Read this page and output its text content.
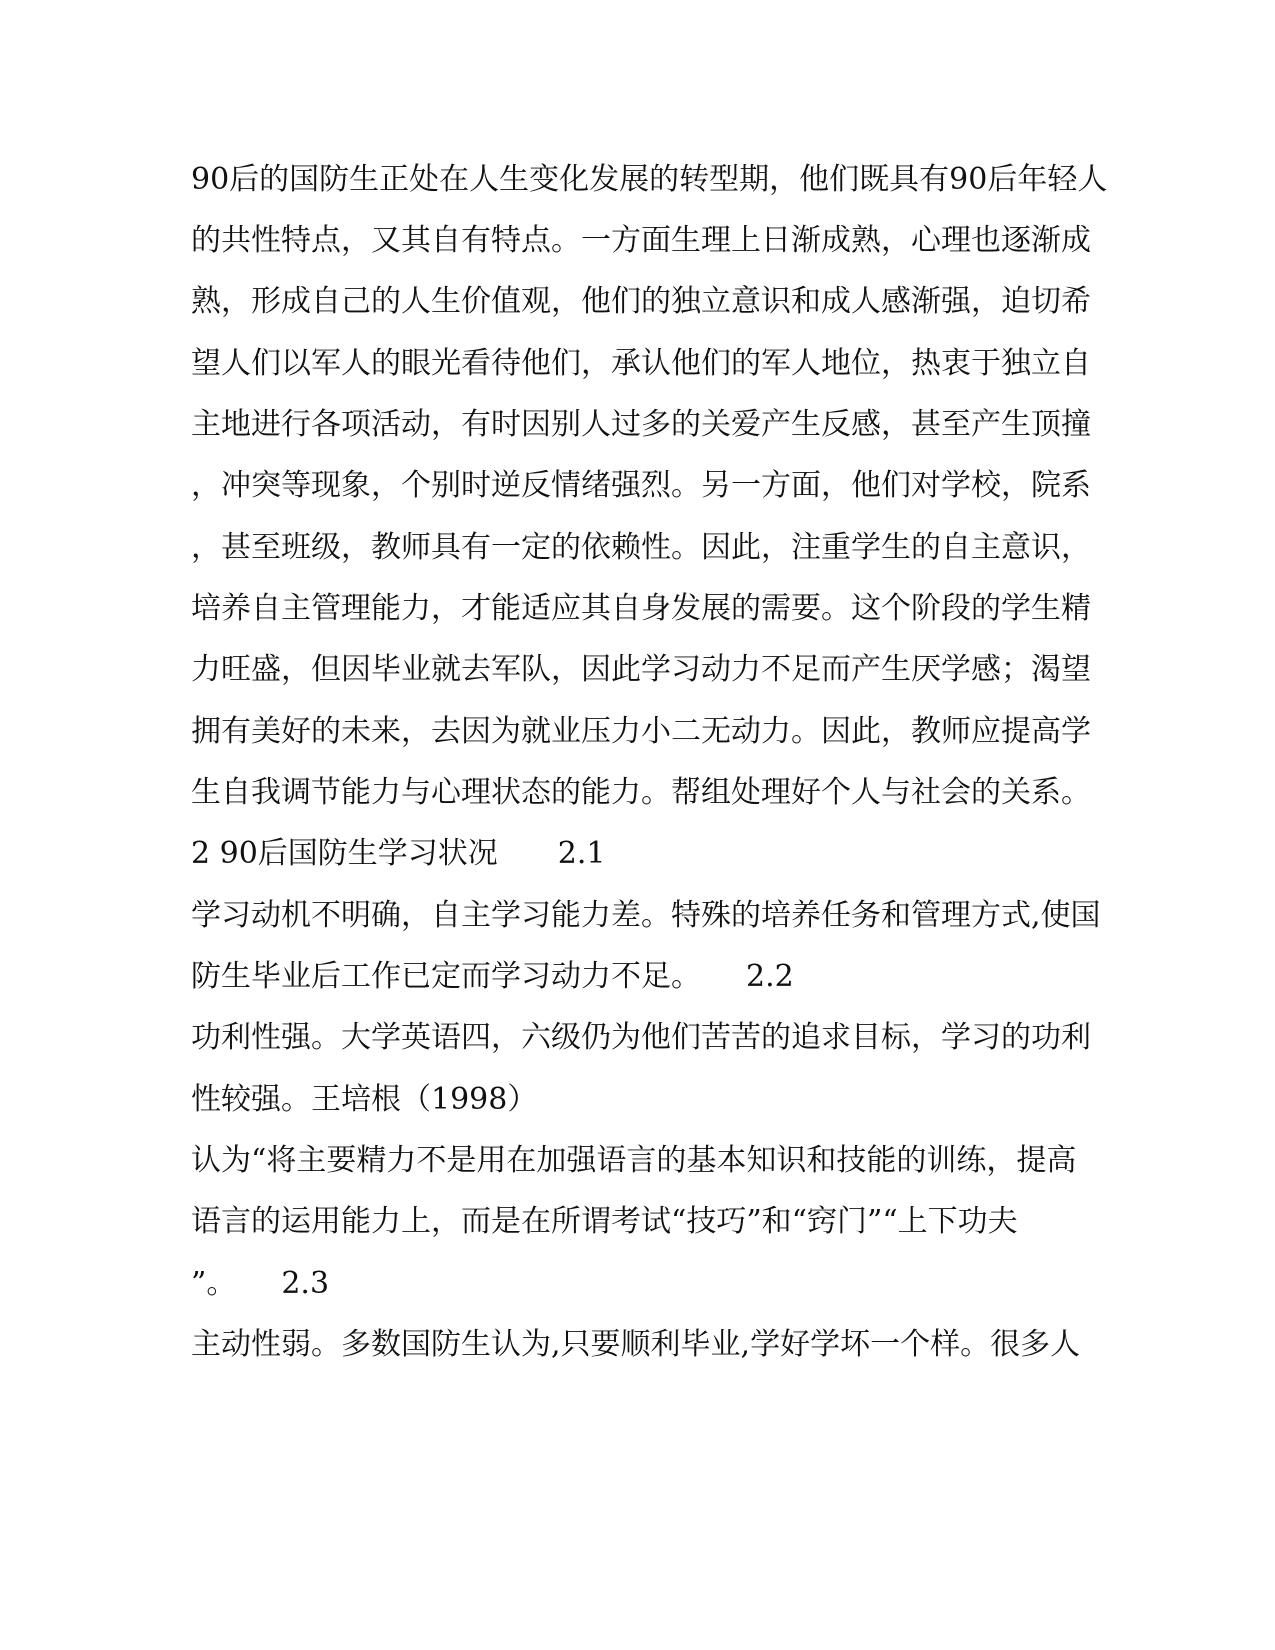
90后的国防生正处在人生变化发展的转型期，他们既具有90后年轻人
的共性特点，又其自有特点。一方面生理上日渐成熟，心理也逐渐成
熟，形成自己的人生价值观，他们的独立意识和成人感渐强，迫切希
望人们以军人的眼光看待他们，承认他们的军人地位，热衷于独立自
主地进行各项活动，有时因别人过多的关爱产生反感，甚至产生顶撞
，冲突等现象，个别时逆反情绪强烈。另一方面，他们对学校，院系
，甚至班级，教师具有一定的依赖性。因此，注重学生的自主意识，
培养自主管理能力，才能适应其自身发展的需要。这个阶段的学生精
力旺盛，但因毕业就去军队，因此学习动力不足而产生厌学感；渴望
拥有美好的未来，去因为就业压力小二无动力。因此，教师应提高学
生自我调节能力与心理状态的能力。帮组处理好个人与社会的关系。
2 90后国防生学习状况　　2.1
学习动机不明确，自主学习能力差。特殊的培养任务和管理方式,使国
防生毕业后工作已定而学习动力不足。　　2.2
功利性强。大学英语四，六级仍为他们苦苦的追求目标，学习的功利
性较强。王培根（1998）
认为“将主要精力不是用在加强语言的基本知识和技能的训练，提高
语言的运用能力上，而是在所谓考试“技巧”和“窍门”“上下功夫
”。　　2.3
主动性弱。多数国防生认为,只要顺利毕业,学好学坏一个样。很多人
